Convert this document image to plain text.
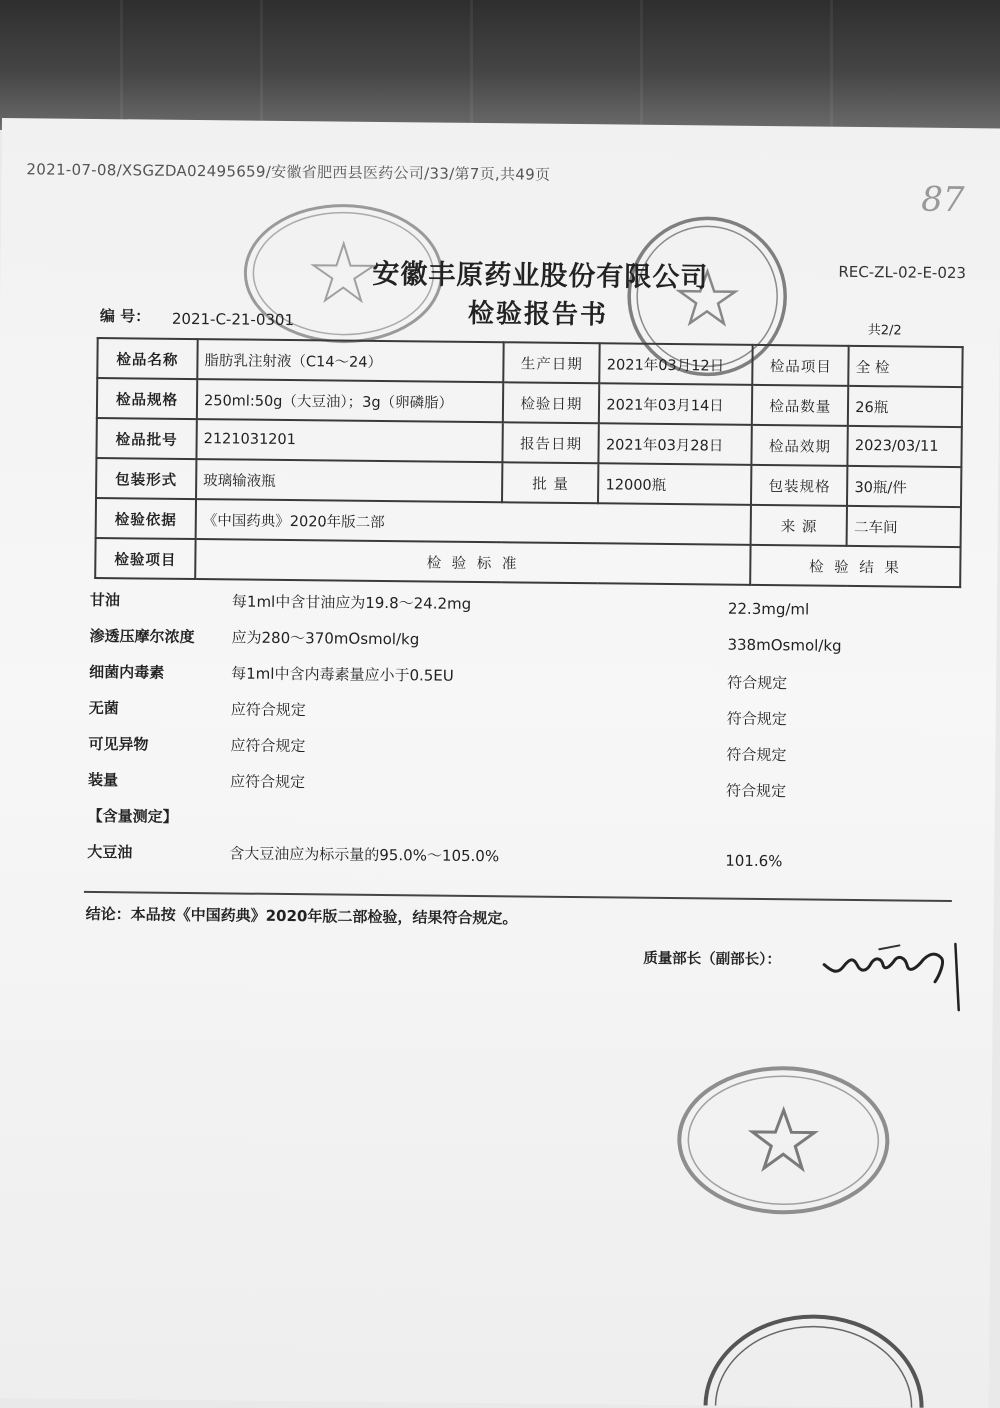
2021-07-08/XSGZDA02495659/安徽省肥西县医药公司/33/第7页,共49页
87
安徽丰原药业股份有限公司
检验报告书
REC-ZL-02-E-023
编 号： 2021-C-21-0301
共2/2
检品名称	脂肪乳注射液（C14～24）	生产日期	2021年03月12日	检品项目	全 检
检品规格	250ml:50g（大豆油）；3g（卵磷脂）	检验日期	2021年03月14日	检品数量	26瓶
检品批号	2121031201	报告日期	2021年03月28日	检品效期	2023/03/11
包装形式	玻璃输液瓶	批 量	12000瓶	包装规格	30瓶/件
检验依据	《中国药典》2020年版二部			来 源	二车间
检验项目	检 验 标 准			检 验 结 果	
甘油	每1ml中含甘油应为19.8～24.2mg	22.3mg/ml
渗透压摩尔浓度 应为280～370mOsmol/kg	338mOsmol/kg
细菌内毒素	每1ml中含内毒素量应小于0.5EU	符合规定
无菌	应符合规定	符合规定
可见异物	应符合规定	符合规定
装量	应符合规定	符合规定
【含量测定】
大豆油	含大豆油应为标示量的95.0%～105.0%	101.6%
结论：本品按《中国药典》2020年版二部检验，结果符合规定。
质量部长（副部长）：
